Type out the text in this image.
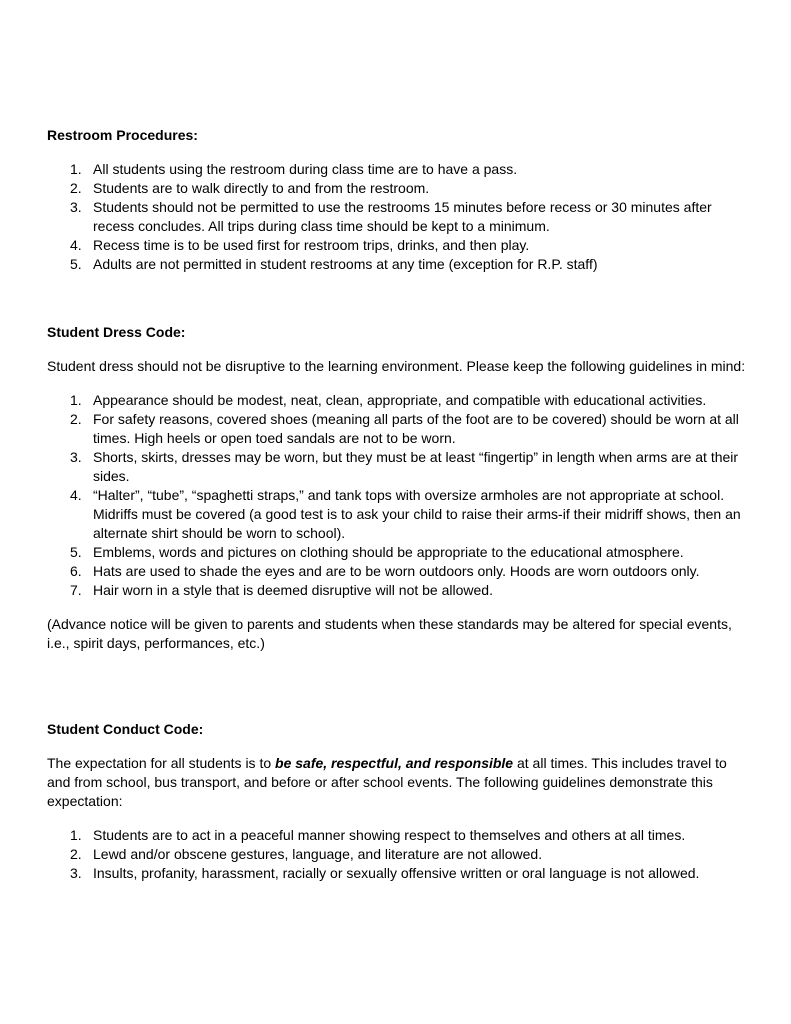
Restroom Procedures:

1. All students using the restroom during class time are to have a pass.
2. Students are to walk directly to and from the restroom.
3. Students should not be permitted to use the restrooms 15 minutes before recess or 30 minutes after recess concludes. All trips during class time should be kept to a minimum.
4. Recess time is to be used first for restroom trips, drinks, and then play.
5. Adults are not permitted in student restrooms at any time (exception for R.P. staff)

Student Dress Code:

Student dress should not be disruptive to the learning environment. Please keep the following guidelines in mind:

1. Appearance should be modest, neat, clean, appropriate, and compatible with educational activities.
2. For safety reasons, covered shoes (meaning all parts of the foot are to be covered) should be worn at all times. High heels or open toed sandals are not to be worn.
3. Shorts, skirts, dresses may be worn, but they must be at least “fingertip” in length when arms are at their sides.
4. “Halter”, “tube”, “spaghetti straps,” and tank tops with oversize armholes are not appropriate at school. Midriffs must be covered (a good test is to ask your child to raise their arms-if their midriff shows, then an alternate shirt should be worn to school).
5. Emblems, words and pictures on clothing should be appropriate to the educational atmosphere.
6. Hats are used to shade the eyes and are to be worn outdoors only. Hoods are worn outdoors only.
7. Hair worn in a style that is deemed disruptive will not be allowed.

(Advance notice will be given to parents and students when these standards may be altered for special events, i.e., spirit days, performances, etc.)

Student Conduct Code:

The expectation for all students is to be safe, respectful, and responsible at all times. This includes travel to and from school, bus transport, and before or after school events. The following guidelines demonstrate this expectation:

1. Students are to act in a peaceful manner showing respect to themselves and others at all times.
2. Lewd and/or obscene gestures, language, and literature are not allowed.
3. Insults, profanity, harassment, racially or sexually offensive written or oral language is not allowed.
